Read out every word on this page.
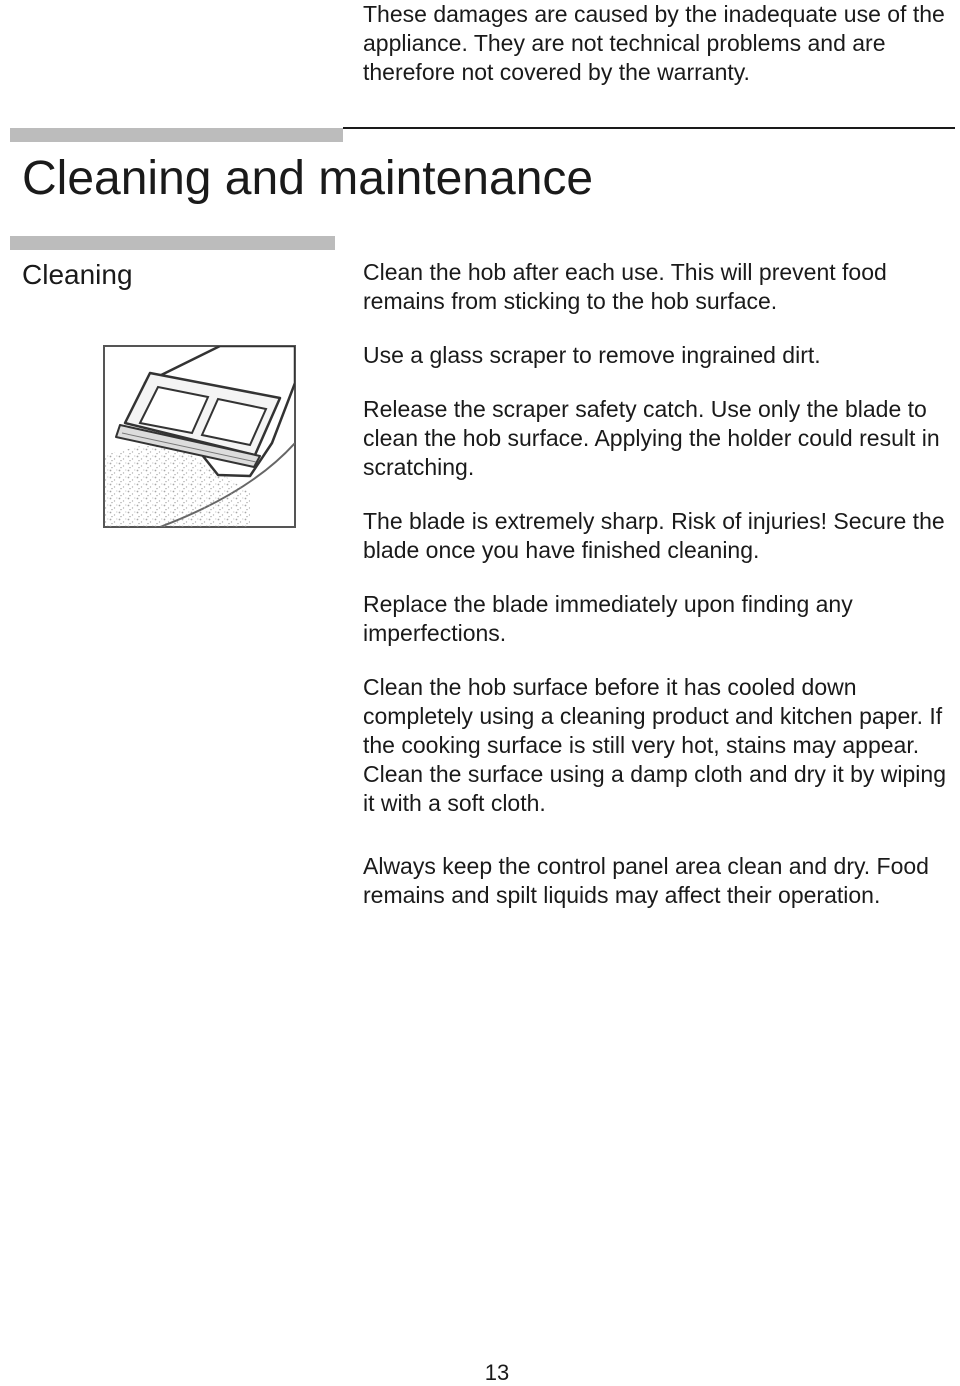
These damages are caused by the inadequate use of the appliance. They are not technical problems and are therefore not covered by the warranty.
Cleaning and maintenance
Cleaning	Clean the hob after each use. This will prevent food remains from sticking to the hob surface.

Use a glass scraper to remove ingrained dirt.

Release the scraper safety catch. Use only the blade to clean the hob surface. Applying the holder could result in scratching.

The blade is extremely sharp. Risk of injuries! Secure the blade once you have finished cleaning.

Replace the blade immediately upon finding any imperfections.

Clean the hob surface before it has cooled down completely using a cleaning product and kitchen paper. If the cooking surface is still very hot, stains may appear. Clean the surface using a damp cloth and dry it by wiping it with a soft cloth.

Always keep the control panel area clean and dry. Food remains and spilt liquids may affect their operation.

13
